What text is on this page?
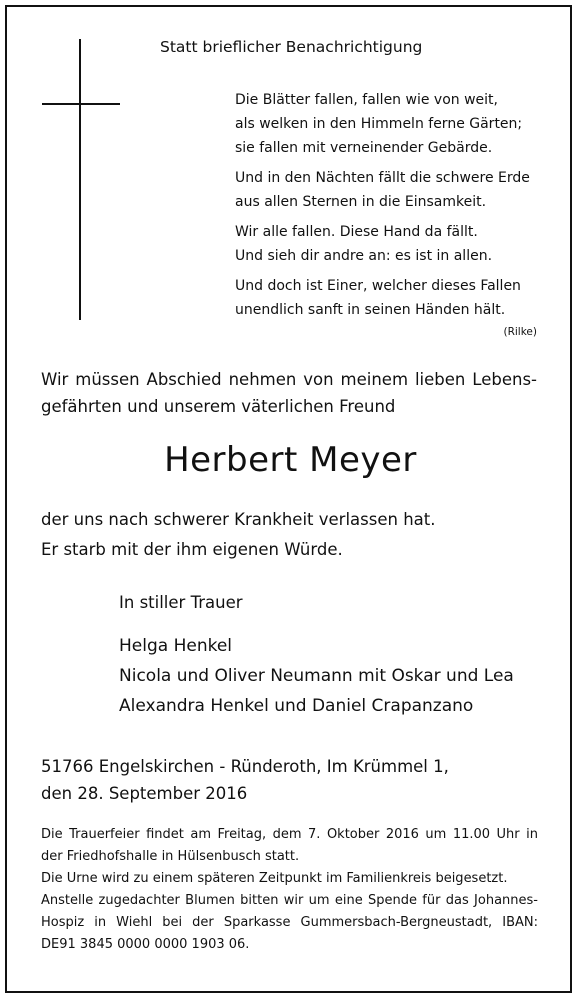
Statt brieflicher Benachrichtigung
Die Blätter fallen, fallen wie von weit,
als welken in den Himmeln ferne Gärten;
sie fallen mit verneinender Gebärde.
Und in den Nächten fällt die schwere Erde
aus allen Sternen in die Einsamkeit.
Wir alle fallen. Diese Hand da fällt.
Und sieh dir andre an: es ist in allen.
Und doch ist Einer, welcher dieses Fallen
unendlich sanft in seinen Händen hält.
(Rilke)
Wir müssen Abschied nehmen von meinem lieben Lebens-
gefährten und unserem väterlichen Freund
Herbert Meyer
der uns nach schwerer Krankheit verlassen hat.
Er starb mit der ihm eigenen Würde.
In stiller Trauer
Helga Henkel
Nicola und Oliver Neumann mit Oskar und Lea
Alexandra Henkel und Daniel Crapanzano
51766 Engelskirchen - Ründeroth, Im Krümmel 1,
den 28. September 2016
Die Trauerfeier findet am Freitag, dem 7. Oktober 2016 um 11.00 Uhr in
der Friedhofshalle in Hülsenbusch statt.
Die Urne wird zu einem späteren Zeitpunkt im Familienkreis beigesetzt.
Anstelle zugedachter Blumen bitten wir um eine Spende für das Johannes-
Hospiz in Wiehl bei der Sparkasse Gummersbach-Bergneustadt, IBAN:
DE91 3845 0000 0000 1903 06.
